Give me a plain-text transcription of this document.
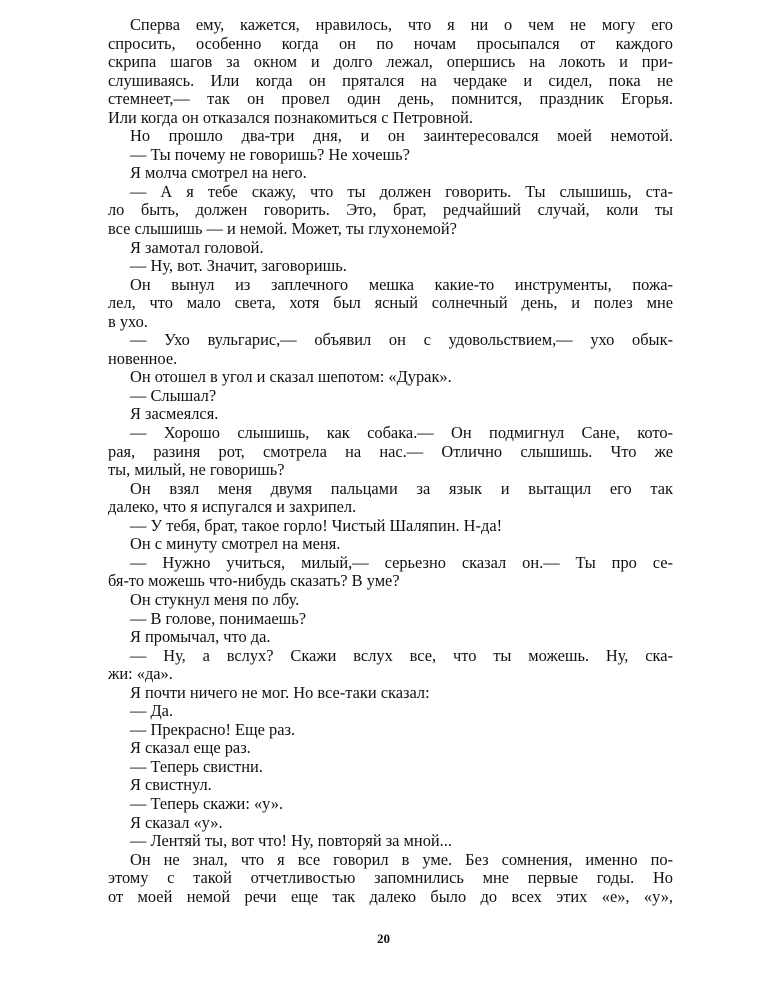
Сперва ему, кажется, нравилось, что я ни о чем не могу его

спросить, особенно когда он по ночам просыпался от каждого

скрипа шагов за окном и долго лежал, опершись на локоть и при-

слушиваясь. Или когда он прятался на чердаке и сидел, пока не

стемнеет,— так он провел один день, помнится, праздник Егорья.

Или когда он отказался познакомиться с Петровной.

Но прошло два-три дня, и он заинтересовался моей немотой.

— Ты почему не говоришь? Не хочешь?

Я молча смотрел на него.

— А я тебе скажу, что ты должен говорить. Ты слышишь, ста-

ло быть, должен говорить. Это, брат, редчайший случай, коли ты

все слышишь — и немой. Может, ты глухонемой?

Я замотал головой.

— Ну, вот. Значит, заговоришь.

Он вынул из заплечного мешка какие-то инструменты, пожа-

лел, что мало света, хотя был ясный солнечный день, и полез мне

в ухо.

— Ухо вульгарис,— объявил он с удовольствием,— ухо обык-

новенное.

Он отошел в угол и сказал шепотом: «Дурак».

— Слышал?

Я засмеялся.

— Хорошо слышишь, как собака.— Он подмигнул Сане, кото-

рая, разиня рот, смотрела на нас.— Отлично слышишь. Что же

ты, милый, не говоришь?

Он взял меня двумя пальцами за язык и вытащил его так

далеко, что я испугался и захрипел.

— У тебя, брат, такое горло! Чистый Шаляпин. Н-да!

Он с минуту смотрел на меня.

— Нужно учиться, милый,— серьезно сказал он.— Ты про се-

бя-то можешь что-нибудь сказать? В уме?

Он стукнул меня по лбу.

— В голове, понимаешь?

Я промычал, что да.

— Ну, а вслух? Скажи вслух все, что ты можешь. Ну, ска-

жи: «да».

Я почти ничего не мог. Но все-таки сказал:

— Да.

— Прекрасно! Еще раз.

Я сказал еще раз.

— Теперь свистни.

Я свистнул.

— Теперь скажи: «у».

Я сказал «у».

— Лентяй ты, вот что! Ну, повторяй за мной...

Он не знал, что я все говорил в уме. Без сомнения, именно по-

этому с такой отчетливостью запомнились мне первые годы. Но

от моей немой речи еще так далеко было до всех этих «е», «у»,

20
